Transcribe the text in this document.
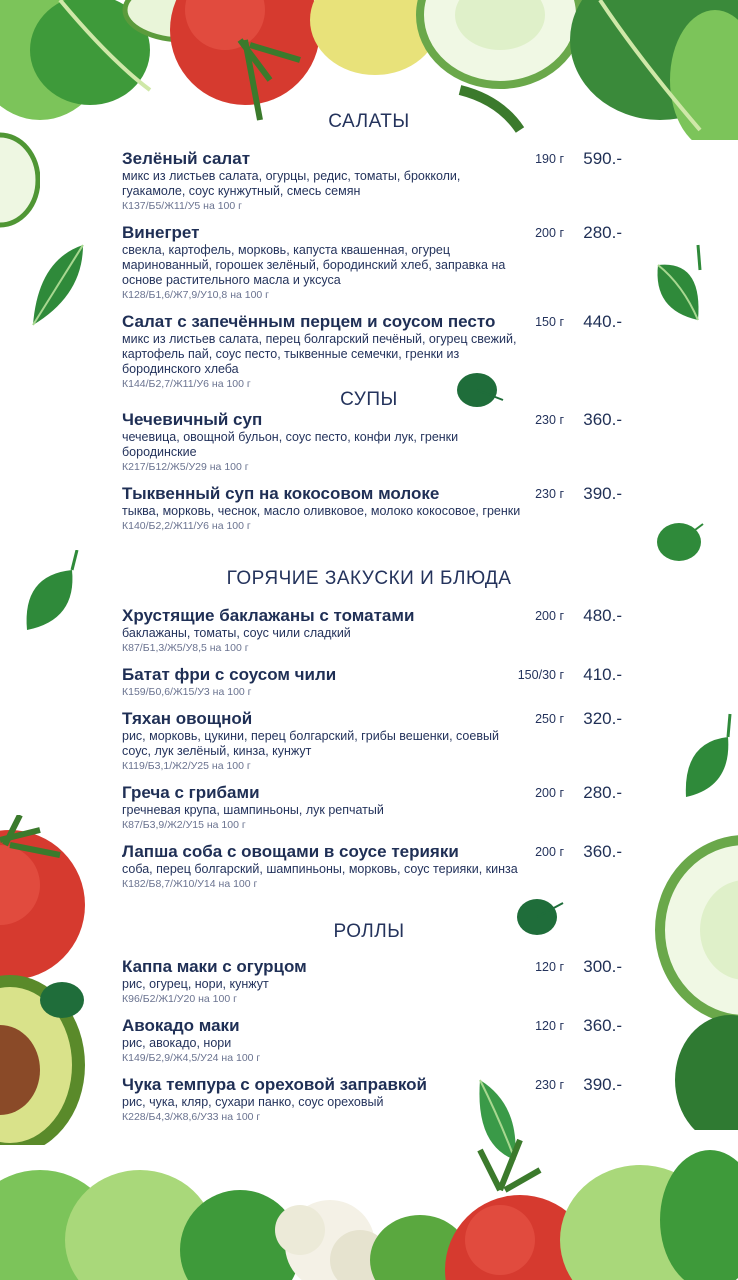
САЛАТЫ
Зелёный салат
микс из листьев салата, огурцы, редис, томаты, брокколи, гуакамоле, соус кунжутный, смесь семян
К137/Б5/Ж11/У5 на 100 г
190 г 590.-
Винегрет
свекла, картофель, морковь, капуста квашенная, огурец маринованный, горошек зелёный, бородинский хлеб, заправка на основе растительного масла и уксуса
К128/Б1,6/Ж7,9/У10,8 на 100 г
200 г 280.-
Салат с запечённым перцем и соусом песто
микс из листьев салата, перец болгарский печёный, огурец свежий, картофель пай, соус песто, тыквенные семечки, гренки из бородинского хлеба
К144/Б2,7/Ж11/У6 на 100 г
150 г 440.-
СУПЫ
Чечевичный суп
чечевица, овощной бульон, соус песто, конфи лук, гренки бородинские
К217/Б12/Ж5/У29 на 100 г
230 г 360.-
Тыквенный суп на кокосовом молоке
тыква, морковь, чеснок, масло оливковое, молоко кокосовое, гренки
К140/Б2,2/Ж11/У6 на 100 г
230 г 390.-
ГОРЯЧИЕ ЗАКУСКИ И БЛЮДА
Хрустящие баклажаны с томатами
баклажаны, томаты, соус чили сладкий
К87/Б1,3/Ж5/У8,5 на 100 г
200 г 480.-
Батат фри с соусом чили
К159/Б0,6/Ж15/У3 на 100 г
150/30 г 410.-
Тяхан овощной
рис, морковь, цукини, перец болгарский, грибы вешенки, соевый соус, лук зелёный, кинза, кунжут
К119/Б3,1/Ж2/У25 на 100 г
250 г 320.-
Греча с грибами
гречневая крупа, шампиньоны, лук репчатый
К87/Б3,9/Ж2/У15 на 100 г
200 г 280.-
Лапша соба с овощами в соусе терияки
соба, перец болгарский, шампиньоны, морковь, соус терияки, кинза
К182/Б8,7/Ж10/У14 на 100 г
200 г 360.-
РОЛЛЫ
Каппа маки с огурцом
рис, огурец, нори, кунжут
К96/Б2/Ж1/У20 на 100 г
120 г 300.-
Авокадо маки
рис, авокадо, нори
К149/Б2,9/Ж4,5/У24 на 100 г
120 г 360.-
Чука темпура с ореховой заправкой
рис, чука, кляр, сухари панко, соус ореховый
К228/Б4,3/Ж8,6/У33 на 100 г
230 г 390.-
